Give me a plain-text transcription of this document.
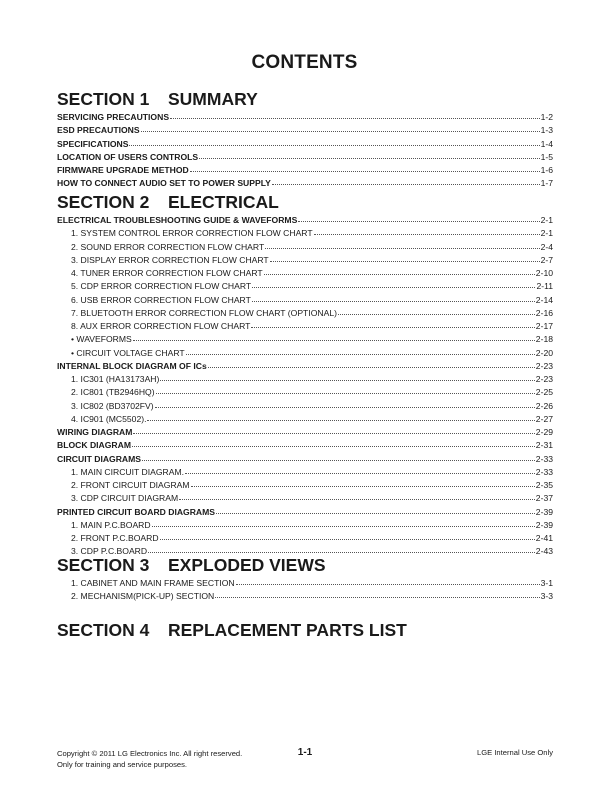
CONTENTS
SECTION 1 SUMMARY
SERVICING PRECAUTIONS	1-2
ESD PRECAUTIONS	1-3
SPECIFICATIONS	1-4
LOCATION OF USERS CONTROLS	1-5
FIRMWARE UPGRADE METHOD	1-6
HOW TO CONNECT AUDIO SET TO POWER SUPPLY	1-7
SECTION 2 ELECTRICAL
ELECTRICAL TROUBLESHOOTING GUIDE & WAVEFORMS	2-1
1. SYSTEM CONTROL ERROR CORRECTION FLOW CHART	2-1
2. SOUND ERROR CORRECTION FLOW CHART	2-4
3. DISPLAY ERROR CORRECTION FLOW CHART	2-7
4. TUNER ERROR CORRECTION FLOW CHART	2-10
5. CDP ERROR CORRECTION FLOW CHART	2-11
6. USB ERROR CORRECTION FLOW CHART	2-14
7. BLUETOOTH ERROR CORRECTION FLOW CHART (OPTIONAL)	2-16
8. AUX ERROR CORRECTION FLOW CHART	2-17
• WAVEFORMS	2-18
• CIRCUIT VOLTAGE CHART	2-20
INTERNAL BLOCK DIAGRAM OF ICs	2-23
1. IC301 (HA13173AH)	2-23
2. IC801 (TB2946HQ)	2-25
3. IC802 (BD3702FV)	2-26
4. IC901 (MC5502).	2-27
WIRING DIAGRAM	2-29
BLOCK DIAGRAM	2-31
CIRCUIT DIAGRAMS	2-33
1. MAIN CIRCUIT DIAGRAM.	2-33
2. FRONT CIRCUIT DIAGRAM	2-35
3. CDP CIRCUIT DIAGRAM	2-37
PRINTED CIRCUIT BOARD DIAGRAMS	2-39
1. MAIN P.C.BOARD	2-39
2. FRONT P.C.BOARD	2-41
3. CDP P.C.BOARD	2-43
SECTION 3 EXPLODED VIEWS
1. CABINET AND MAIN FRAME SECTION	3-1
2. MECHANISM(PICK-UP) SECTION	3-3
SECTION 4 REPLACEMENT PARTS LIST
Copyright © 2011 LG Electronics Inc. All right reserved.
Only for training and service purposes.
1-1	LGE Internal Use Only
